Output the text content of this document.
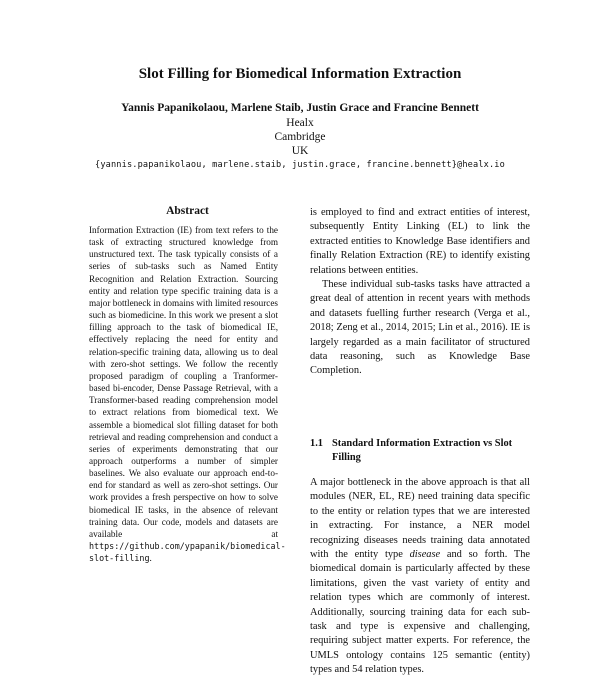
Slot Filling for Biomedical Information Extraction
Yannis Papanikolaou, Marlene Staib, Justin Grace and Francine Bennett
Healx
Cambridge
UK
{yannis.papanikolaou, marlene.staib, justin.grace, francine.bennett}@healx.io
Abstract
Information Extraction (IE) from text refers to the task of extracting structured knowledge from unstructured text. The task typically consists of a series of sub-tasks such as Named Entity Recognition and Relation Extraction. Sourcing entity and relation type specific training data is a major bottleneck in domains with limited resources such as biomedicine. In this work we present a slot filling approach to the task of biomedical IE, effectively replacing the need for entity and relation-specific training data, allowing us to deal with zero-shot settings. We follow the recently proposed paradigm of coupling a Tranformer-based bi-encoder, Dense Passage Retrieval, with a Transformer-based reading comprehension model to extract relations from biomedical text. We assemble a biomedical slot filling dataset for both retrieval and reading comprehension and conduct a series of experiments demonstrating that our approach outperforms a number of simpler baselines. We also evaluate our approach end-to-end for standard as well as zero-shot settings. Our work provides a fresh perspective on how to solve biomedical IE tasks, in the absence of relevant training data. Our code, models and datasets are available at https://github.com/ypapanik/biomedical-slot-filling.

is employed to find and extract entities of interest, subsequently Entity Linking (EL) to link the extracted entities to Knowledge Base identifiers and finally Relation Extraction (RE) to identify existing relations between entities.

These individual sub-tasks tasks have attracted a great deal of attention in recent years with methods and datasets fuelling further research (Verga et al., 2018; Zeng et al., 2014, 2015; Lin et al., 2016). IE is largely regarded as a main facilitator of structured data reasoning, such as Knowledge Base Completion.

1.1 Standard Information Extraction vs Slot
Filling

A major bottleneck in the above approach is that all modules (NER, EL, RE) need training data specific to the entity or relation types that we are interested in extracting. For instance, a NER model recognizing diseases needs training data annotated with the entity type disease and so forth. The biomedical domain is particularly affected by these limitations, given the vast variety of entity and relation types which are commonly of interest. Additionally, sourcing training data for each sub-task and type is expensive and challenging, requiring subject matter experts. For reference, the UMLS ontology contains 125 semantic (entity) types and 54 relation types.
